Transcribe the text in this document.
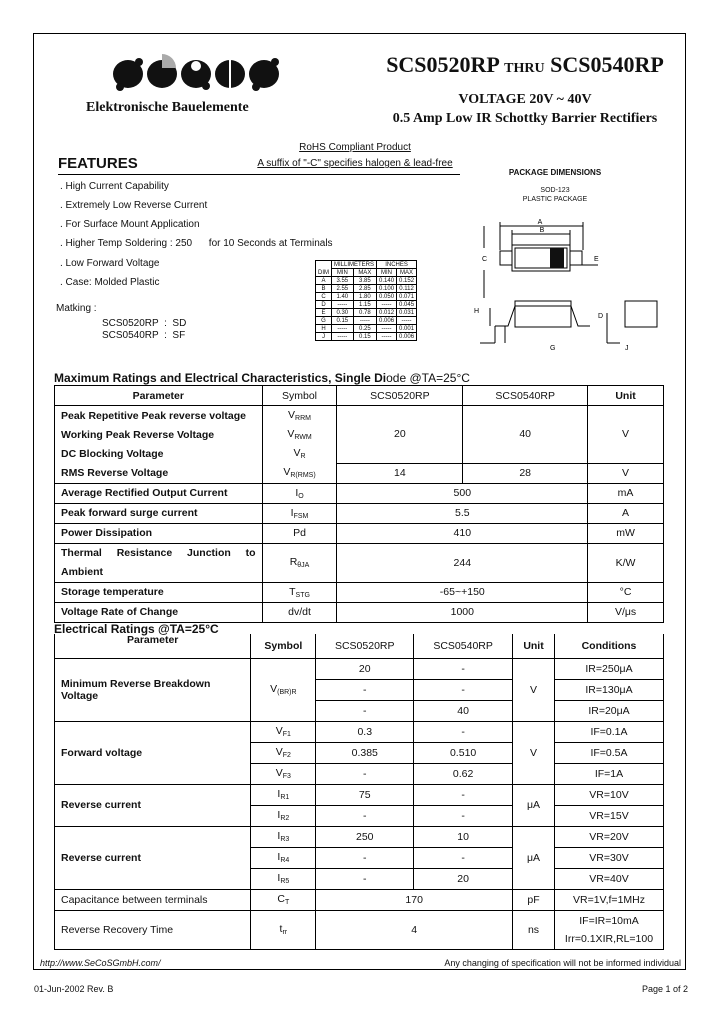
Elektronische Bauelemente
SCS0520RP THRU SCS0540RP
VOLTAGE 20V ~ 40V
0.5 Amp Low IR Schottky Barrier Rectifiers
RoHS Compliant Product
A suffix of "-C" specifies halogen & lead-free
FEATURES
. High Current Capability
. Extremely Low Reverse Current
. For Surface Mount Application
. Higher Temp Soldering : 250      for 10 Seconds at Terminals
. Low Forward Voltage
. Case: Molded Plastic
Matking :
SCS0520RP  :  SD
SCS0540RP  :  SF
DIM	MILLIMETERS		INCHES	
	MIN	MAX	MIN	MAX
A	3.55	3.85	0.140	0.152
B	2.55	2.85	0.100	0.112
C	1.40	1.80	0.050	0.071
D	-----	1.15	-----	0.045
E	0.30	0.78	0.012	0.031
G	0.15	-----	0.006	-----
H	-----	0.25	-----	0.001
J	-----	0.15	-----	0.006
PACKAGE DIMENSIONS
SOD-123
PLASTIC PACKAGE
A
B
C	E
H
D
G	J
Maximum Ratings and Electrical Characteristics, Single Diode @TA=25°C
Parameter	Symbol	SCS0520RP	SCS0540RP	Unit
Peak Repetitive Peak reverse voltage	$V_{RRM}$	20	40	V
Working Peak Reverse Voltage	$V_{RWM}$
DC Blocking Voltage	$V_R$
RMS Reverse Voltage	$V_{R(RMS)}$	14	28	V
Average Rectified Output Current	$I_O$	500		mA
Peak forward surge current	$I_{FSM}$	5.5		A
Power Dissipation	Pd	410		mW
Thermal Resistance Junction to Ambient	$R_{\theta JA}$	244		K/W
Storage temperature	$T_{STG}$	-65~+150		°C
Voltage Rate of Change	dv/dt	1000		V/μs
Electrical Ratings @TA=25°C
Parameter	Symbol	SCS0520RP	SCS0540RP	Unit	Conditions
Minimum Reverse Breakdown Voltage	$V_{(BR)R}$	20	-	V	IR=250μA
		-	-		IR=130μA
		-	40		IR=20μA
Forward voltage	$V_{F1}$	0.3	-	V	IF=0.1A
	$V_{F2}$	0.385	0.510		IF=0.5A
	$V_{F3}$	-	0.62		IF=1A
Reverse current	$I_{R1}$	75	-	μA	VR=10V
	$I_{R2}$	-	-		VR=15V
Reverse current	$I_{R3}$	250	10	μA	VR=20V
	$I_{R4}$	-	-		VR=30V
	$I_{R5}$	-	20		VR=40V
Capacitance between terminals	$C_T$	170		pF	VR=1V,f=1MHz
Reverse Recovery Time	$t_{rr}$	4		ns	IF=IR=10mA
Irr=0.1XIR,RL=100
http://www.SeCoSGmbH.com/	Any changing of specification will not be informed individual
01-Jun-2002 Rev. B	Page 1 of 2
